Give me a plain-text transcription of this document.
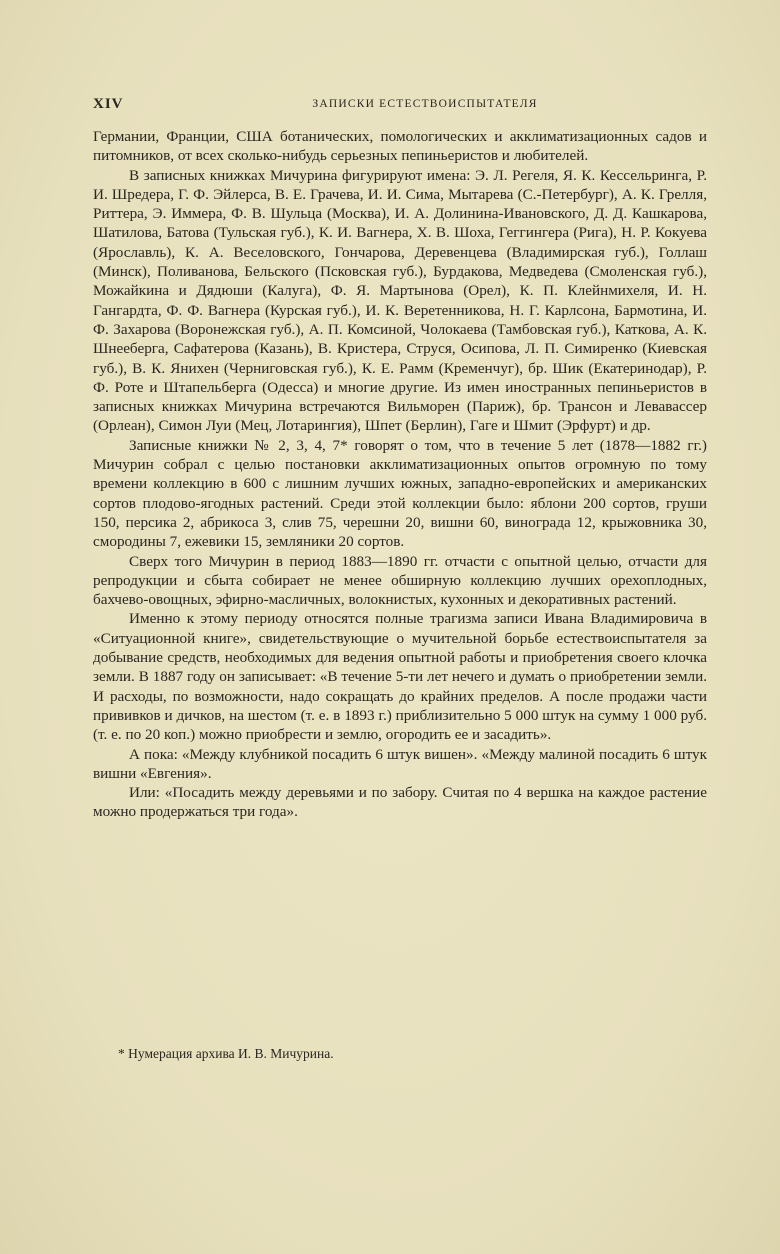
XIV	ЗАПИСКИ ЕСТЕСТВОИСПЫТАТЕЛЯ

Германии, Франции, США ботанических, помологических и акклиматизационных садов и питомников, от всех сколько-нибудь серьезных пепиньеристов и любителей.

В записных книжках Мичурина фигурируют имена: Э. Л. Регеля, Я. К. Кессельринга, Р. И. Шредера, Г. Ф. Эйлерса, В. Е. Грачева, И. И. Сима, Мытарева (С.-Петербург), А. К. Грелля, Риттера, Э. Иммера, Ф. В. Шульца (Москва), И. А. Долинина-Ивановского, Д. Д. Кашкарова, Шатилова, Батова (Тульская губ.), К. И. Вагнера, Х. В. Шоха, Геггингера (Рига), Н. Р. Кокуева (Ярославль), К. А. Веселовского, Гончарова, Деревенцева (Владимирская губ.), Голлаш (Минск), Поливанова, Бельского (Псковская губ.), Бурдакова, Медведева (Смоленская губ.), Можайкина и Дядюши (Калуга), Ф. Я. Мартынова (Орел), К. П. Клейнмихеля, И. Н. Гангардта, Ф. Ф. Вагнера (Курская губ.), И. К. Веретенникова, Н. Г. Карлсона, Бармотина, И. Ф. Захарова (Воронежская губ.), А. П. Комсиной, Чолокаева (Тамбовская губ.), Каткова, А. К. Шнееберга, Сафатерова (Казань), В. Кристера, Струся, Осипова, Л. П. Симиренко (Киевская губ.), В. К. Янихен (Черниговская губ.), К. Е. Рамм (Кременчуг), бр. Шик (Екатеринодар), Р. Ф. Роте и Штапельберга (Одесса) и многие другие. Из имен иностранных пепиньеристов в записных книжках Мичурина встречаются Вильморен (Париж), бр. Трансон и Левавассер (Орлеан), Симон Луи (Мец, Лотарингия), Шпет (Берлин), Гаге и Шмит (Эрфурт) и др.

Записные книжки № 2, 3, 4, 7* говорят о том, что в течение 5 лет (1878—1882 гг.) Мичурин собрал с целью постановки акклиматизационных опытов огромную по тому времени коллекцию в 600 с лишним лучших южных, западно-европейских и американских сортов плодово-ягодных растений. Среди этой коллекции было: яблони 200 сортов, груши 150, персика 2, абрикоса 3, слив 75, черешни 20, вишни 60, винограда 12, крыжовника 30, смородины 7, ежевики 15, земляники 20 сортов.

Сверх того Мичурин в период 1883—1890 гг. отчасти с опытной целью, отчасти для репродукции и сбыта собирает не менее обширную коллекцию лучших орехоплодных, бахчево-овощных, эфирно-масличных, волокнистых, кухонных и декоративных растений.

Именно к этому периоду относятся полные трагизма записи Ивана Владимировича в «Ситуационной книге», свидетельствующие о мучительной борьбе естествоиспытателя за добывание средств, необходимых для ведения опытной работы и приобретения своего клочка земли. В 1887 году он записывает: «В течение 5-ти лет нечего и думать о приобретении земли. И расходы, по возможности, надо сокращать до крайних пределов. А после продажи части прививков и дичков, на шестом (т. е. в 1893 г.) приблизительно 5 000 штук на сумму 1 000 руб. (т. е. по 20 коп.) можно приобрести и землю, огородить ее и засадить».

А пока: «Между клубникой посадить 6 штук вишен». «Между малиной посадить 6 штук вишни «Евгения».

Или: «Посадить между деревьями и по забору. Считая по 4 вершка на каждое растение можно продержаться три года».

* Нумерация архива И. В. Мичурина.
